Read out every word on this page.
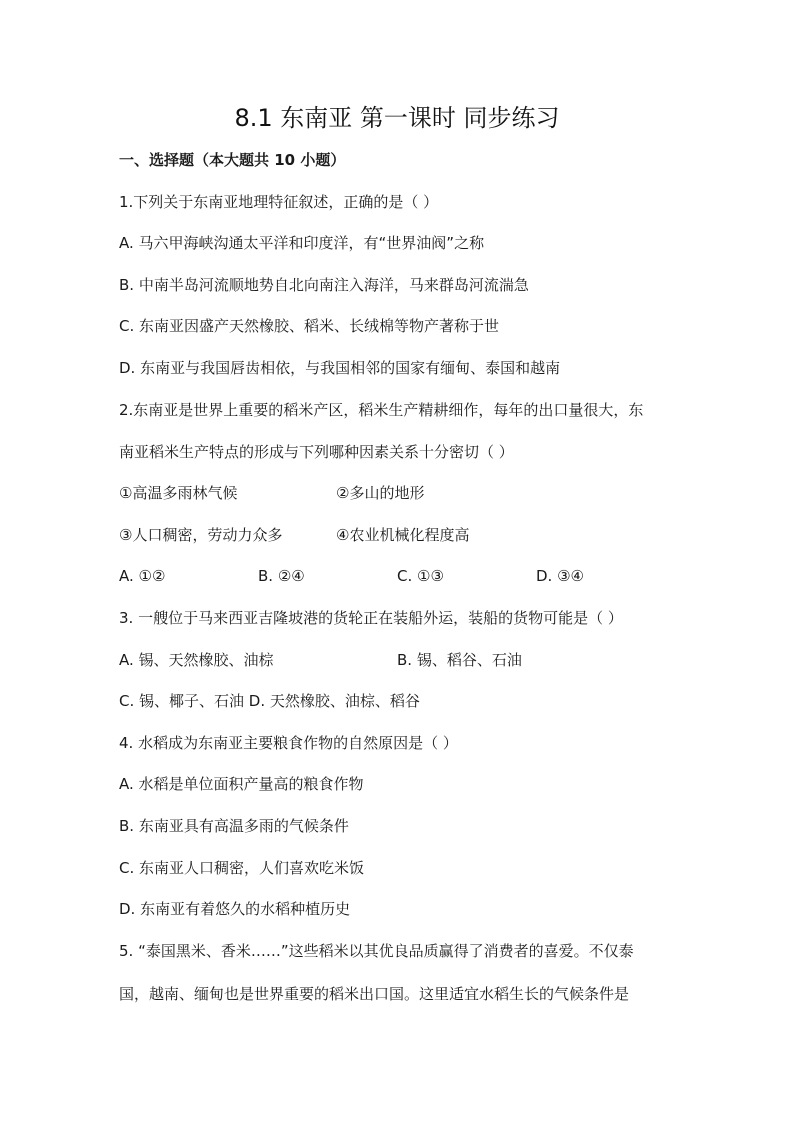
8.1 东南亚 第一课时 同步练习
一、选择题（本大题共 10 小题）
1.下列关于东南亚地理特征叙述，正确的是（ ）
A. 马六甲海峡沟通太平洋和印度洋，有“世界油阀”之称
B. 中南半岛河流顺地势自北向南注入海洋，马来群岛河流湍急
C. 东南亚因盛产天然橡胶、稻米、长绒棉等物产著称于世
D. 东南亚与我国唇齿相依，与我国相邻的国家有缅甸、泰国和越南
2.东南亚是世界上重要的稻米产区，稻米生产精耕细作，每年的出口量很大，东
南亚稻米生产特点的形成与下列哪种因素关系十分密切（ ）
①高温多雨林气候	②多山的地形
③人口稠密，劳动力众多	④农业机械化程度高
A. ①②	B. ②④	C. ①③	D. ③④
3. 一艘位于马来西亚吉隆坡港的货轮正在装船外运，装船的货物可能是（ ）
A. 锡、天然橡胶、油棕	B. 锡、稻谷、石油
C. 锡、椰子、石油 D. 天然橡胶、油棕、稻谷
4. 水稻成为东南亚主要粮食作物的自然原因是（ ）
A. 水稻是单位面积产量高的粮食作物
B. 东南亚具有高温多雨的气候条件
C. 东南亚人口稠密，人们喜欢吃米饭
D. 东南亚有着悠久的水稻种植历史
5. “泰国黑米、香米……”这些稻米以其优良品质赢得了消费者的喜爱。不仅泰
国，越南、缅甸也是世界重要的稻米出口国。这里适宜水稻生长的气候条件是
